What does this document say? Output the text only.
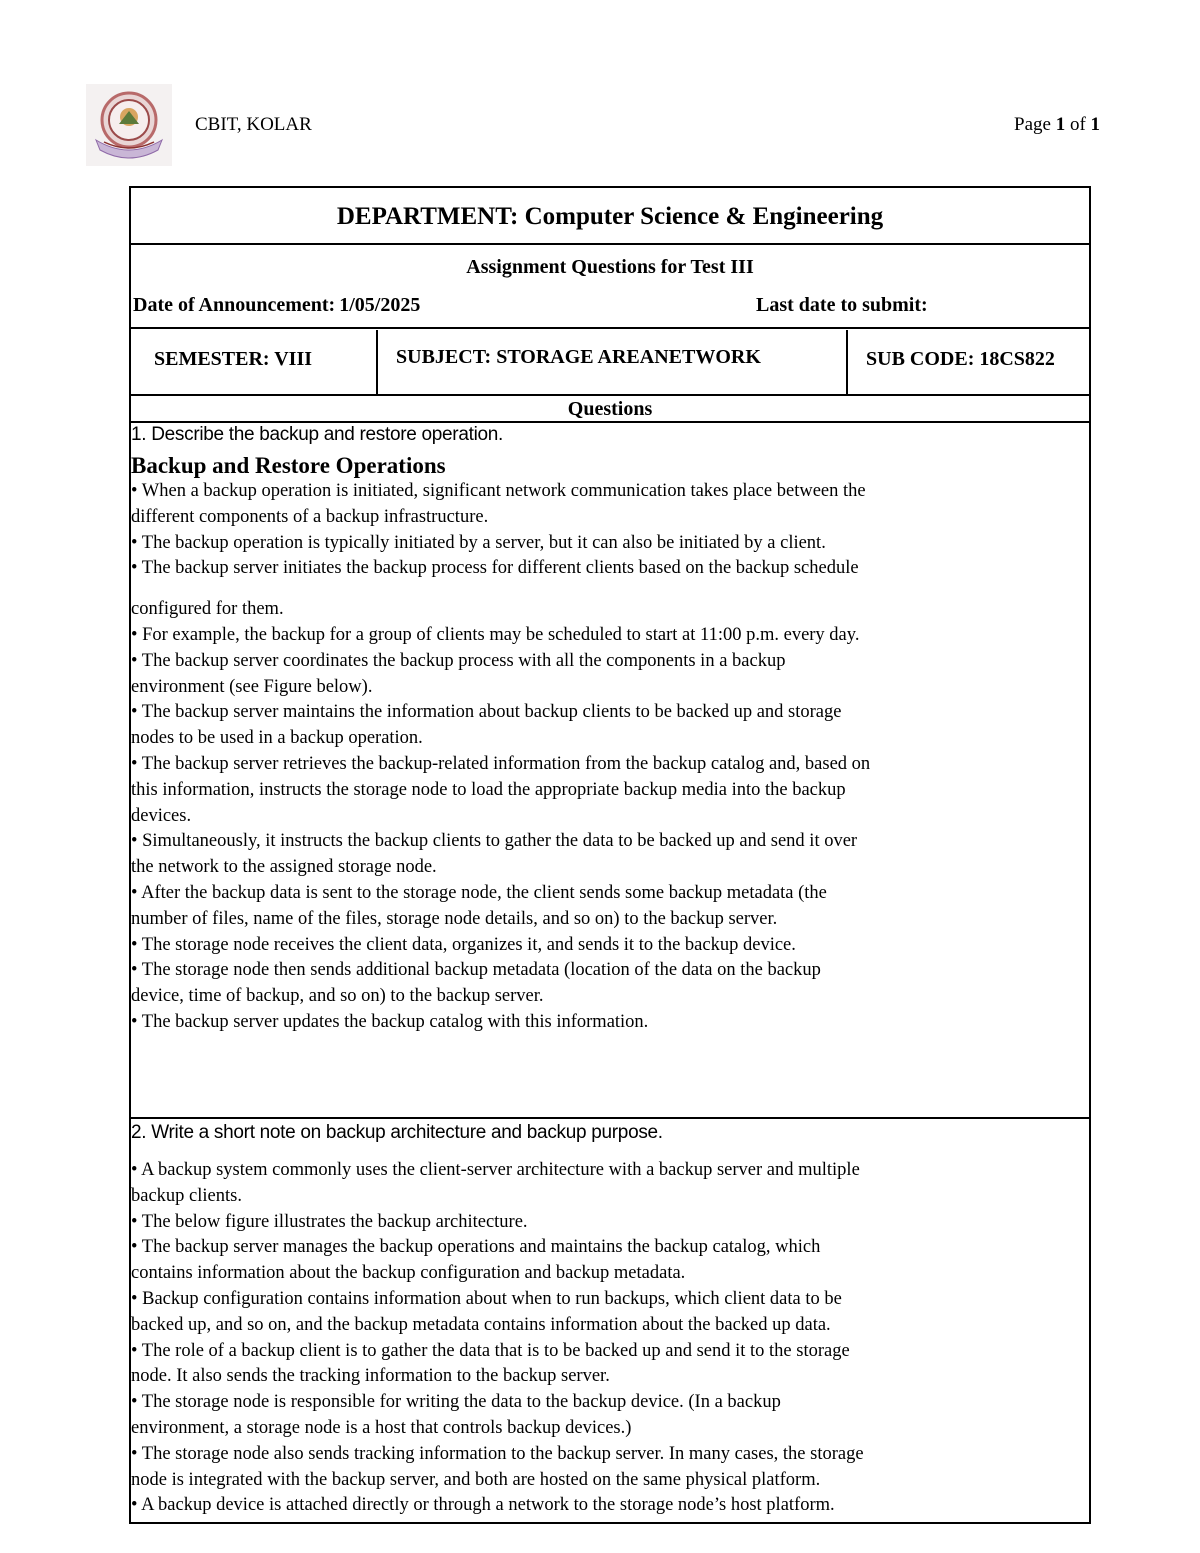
CBIT, KOLAR	Page 1 of 1
DEPARTMENT: Computer Science & Engineering
Assignment Questions for Test III
Date of Announcement: 1/05/2025	Last date to submit:
SEMESTER: VIII	SUBJECT: STORAGE AREANETWORK	SUB CODE: 18CS822
Questions
1. Describe the backup and restore operation.
Backup and Restore Operations
• When a backup operation is initiated, significant network communication takes place between the
different components of a backup infrastructure.
• The backup operation is typically initiated by a server, but it can also be initiated by a client.
• The backup server initiates the backup process for different clients based on the backup schedule
configured for them.
• For example, the backup for a group of clients may be scheduled to start at 11:00 p.m. every day.
• The backup server coordinates the backup process with all the components in a backup
environment (see Figure below).
• The backup server maintains the information about backup clients to be backed up and storage
nodes to be used in a backup operation.
• The backup server retrieves the backup-related information from the backup catalog and, based on
this information, instructs the storage node to load the appropriate backup media into the backup
devices.
• Simultaneously, it instructs the backup clients to gather the data to be backed up and send it over
the network to the assigned storage node.
• After the backup data is sent to the storage node, the client sends some backup metadata (the
number of files, name of the files, storage node details, and so on) to the backup server.
• The storage node receives the client data, organizes it, and sends it to the backup device.
• The storage node then sends additional backup metadata (location of the data on the backup
device, time of backup, and so on) to the backup server.
• The backup server updates the backup catalog with this information.
2. Write a short note on backup architecture and backup purpose.
• A backup system commonly uses the client-server architecture with a backup server and multiple
backup clients.
• The below figure illustrates the backup architecture.
• The backup server manages the backup operations and maintains the backup catalog, which
contains information about the backup configuration and backup metadata.
• Backup configuration contains information about when to run backups, which client data to be
backed up, and so on, and the backup metadata contains information about the backed up data.
• The role of a backup client is to gather the data that is to be backed up and send it to the storage
node. It also sends the tracking information to the backup server.
• The storage node is responsible for writing the data to the backup device. (In a backup
environment, a storage node is a host that controls backup devices.)
• The storage node also sends tracking information to the backup server. In many cases, the storage
node is integrated with the backup server, and both are hosted on the same physical platform.
• A backup device is attached directly or through a network to the storage node’s host platform.
